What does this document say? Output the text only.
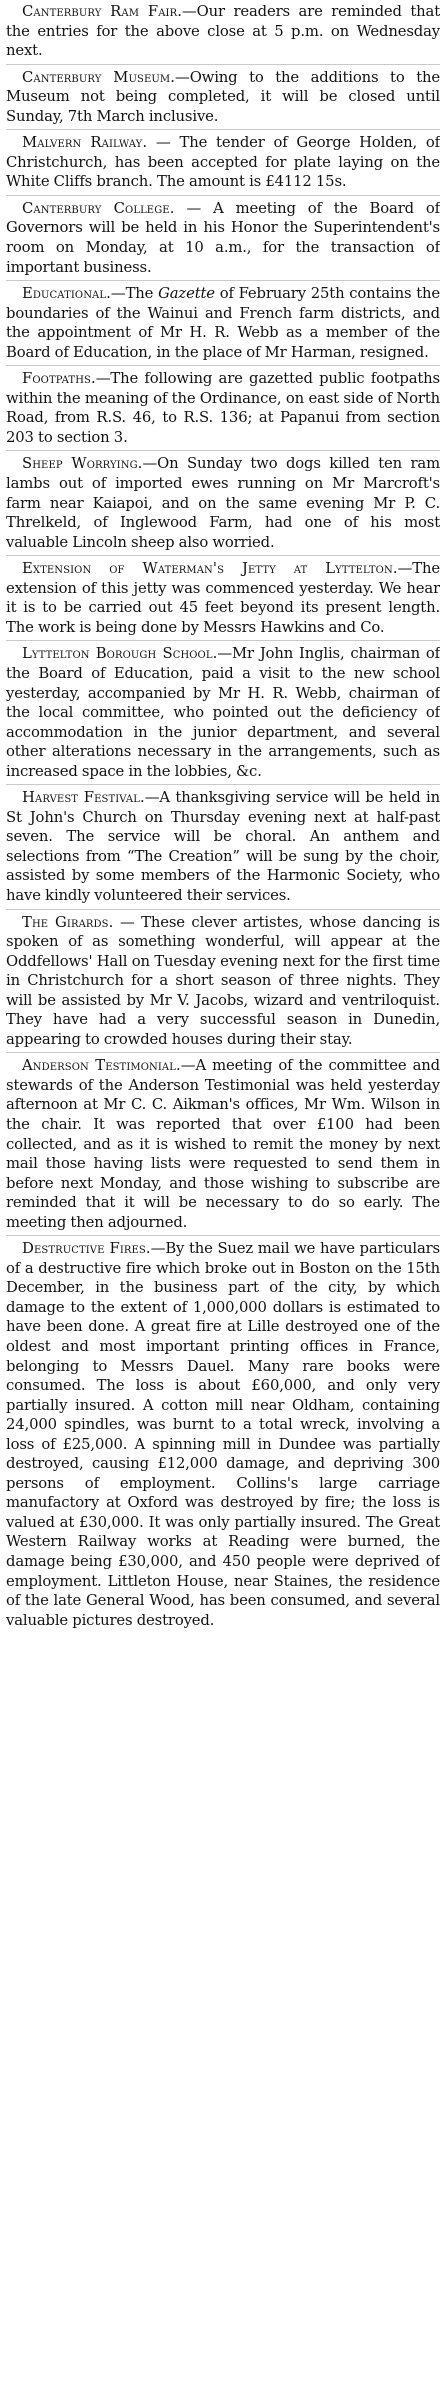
Canterbury Ram Fair.—Our readers are reminded that the entries for the above close at 5 p.m. on Wednesday next.

Canterbury Museum.—Owing to the additions to the Museum not being completed, it will be closed until Sunday, 7th March inclusive.

Malvern Railway. — The tender of George Holden, of Christchurch, has been accepted for plate laying on the White Cliffs branch. The amount is £4112 15s.

Canterbury College. — A meeting of the Board of Governors will be held in his Honor the Superintendent's room on Monday, at 10 a.m., for the transaction of important business.

Educational.—The Gazette of February 25th contains the boundaries of the Wainui and French farm districts, and the appointment of Mr H. R. Webb as a member of the Board of Education, in the place of Mr Harman, resigned.

Footpaths.—The following are gazetted public footpaths within the meaning of the Ordinance, on east side of North Road, from R.S. 46, to R.S. 136; at Papanui from section 203 to section 3.

Sheep Worrying.—On Sunday two dogs killed ten ram lambs out of imported ewes running on Mr Marcroft's farm near Kaiapoi, and on the same evening Mr P. C. Threlkeld, of Inglewood Farm, had one of his most valuable Lincoln sheep also worried.

Extension of Waterman's Jetty at Lyttelton.—The extension of this jetty was commenced yesterday. We hear it is to be carried out 45 feet beyond its present length. The work is being done by Messrs Hawkins and Co.

Lyttelton Borough School.—Mr John Inglis, chairman of the Board of Education, paid a visit to the new school yesterday, accompanied by Mr H. R. Webb, chairman of the local committee, who pointed out the deficiency of accommodation in the junior department, and several other alterations necessary in the arrangements, such as increased space in the lobbies, &c.

Harvest Festival.—A thanksgiving service will be held in St John's Church on Thursday evening next at half-past seven. The service will be choral. An anthem and selections from “The Creation” will be sung by the choir, assisted by some members of the Harmonic Society, who have kindly volunteered their services.

The Girards. — These clever artistes, whose dancing is spoken of as something wonderful, will appear at the Oddfellows' Hall on Tuesday evening next for the first time in Christchurch for a short season of three nights. They will be assisted by Mr V. Jacobs, wizard and ventriloquist. They have had a very successful season in Dunedin, appearing to crowded houses during their stay.

Anderson Testimonial.—A meeting of the committee and stewards of the Anderson Testimonial was held yesterday afternoon at Mr C. C. Aikman's offices, Mr Wm. Wilson in the chair. It was reported that over £100 had been collected, and as it is wished to remit the money by next mail those having lists were requested to send them in before next Monday, and those wishing to subscribe are reminded that it will be necessary to do so early. The meeting then adjourned.

Destructive Fires.—By the Suez mail we have particulars of a destructive fire which broke out in Boston on the 15th December, in the business part of the city, by which damage to the extent of 1,000,000 dollars is estimated to have been done. A great fire at Lille destroyed one of the oldest and most important printing offices in France, belonging to Messrs Dauel. Many rare books were consumed. The loss is about £60,000, and only very partially insured. A cotton mill near Oldham, containing 24,000 spindles, was burnt to a total wreck, involving a loss of £25,000. A spinning mill in Dundee was partially destroyed, causing £12,000 damage, and depriving 300 persons of employment. Collins's large carriage manufactory at Oxford was destroyed by fire; the loss is valued at £30,000. It was only partially insured. The Great Western Railway works at Reading were burned, the damage being £30,000, and 450 people were deprived of employment. Littleton House, near Staines, the residence of the late General Wood, has been consumed, and several valuable pictures destroyed.
